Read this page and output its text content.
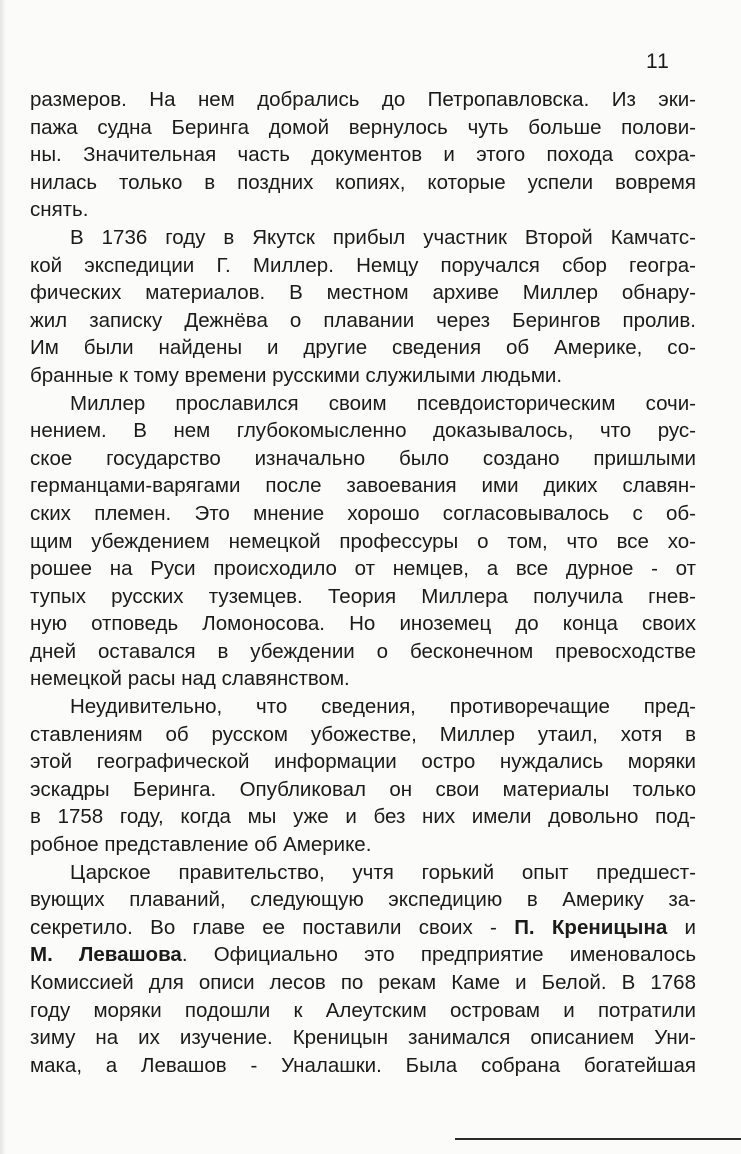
11
размеров. На нем добрались до Петропавловска. Из эки-
пажа судна Беринга домой вернулось чуть больше полови-
ны. Значительная часть документов и этого похода сохра-
нилась только в поздних копиях, которые успели вовремя
снять.
В 1736 году в Якутск прибыл участник Второй Камчатс-
кой экспедиции Г. Миллер. Немцу поручался сбор геогра-
фических материалов. В местном архиве Миллер обнару-
жил записку Дежнёва о плавании через Берингов пролив.
Им были найдены и другие сведения об Америке, со-
бранные к тому времени русскими служилыми людьми.
Миллер прославился своим псевдоисторическим сочи-
нением. В нем глубокомысленно доказывалось, что рус-
ское государство изначально было создано пришлыми
германцами-варягами после завоевания ими диких славян-
ских племен. Это мнение хорошо согласовывалось с об-
щим убеждением немецкой профессуры о том, что все хо-
рошее на Руси происходило от немцев, а все дурное - от
тупых русских туземцев. Теория Миллера получила гнев-
ную отповедь Ломоносова. Но иноземец до конца своих
дней оставался в убеждении о бесконечном превосходстве
немецкой расы над славянством.
Неудивительно, что сведения, противоречащие пред-
ставлениям об русском убожестве, Миллер утаил, хотя в
этой географической информации остро нуждались моряки
эскадры Беринга. Опубликовал он свои материалы только
в 1758 году, когда мы уже и без них имели довольно под-
робное представление об Америке.
Царское правительство, учтя горький опыт предшест-
вующих плаваний, следующую экспедицию в Америку за-
секретило. Во главе ее поставили своих - П. Креницына и
М. Левашова. Официально это предприятие именовалось
Комиссией для описи лесов по рекам Каме и Белой. В 1768
году моряки подошли к Алеутским островам и потратили
зиму на их изучение. Креницын занимался описанием Уни-
мака, а Левашов - Уналашки. Была собрана богатейшая
